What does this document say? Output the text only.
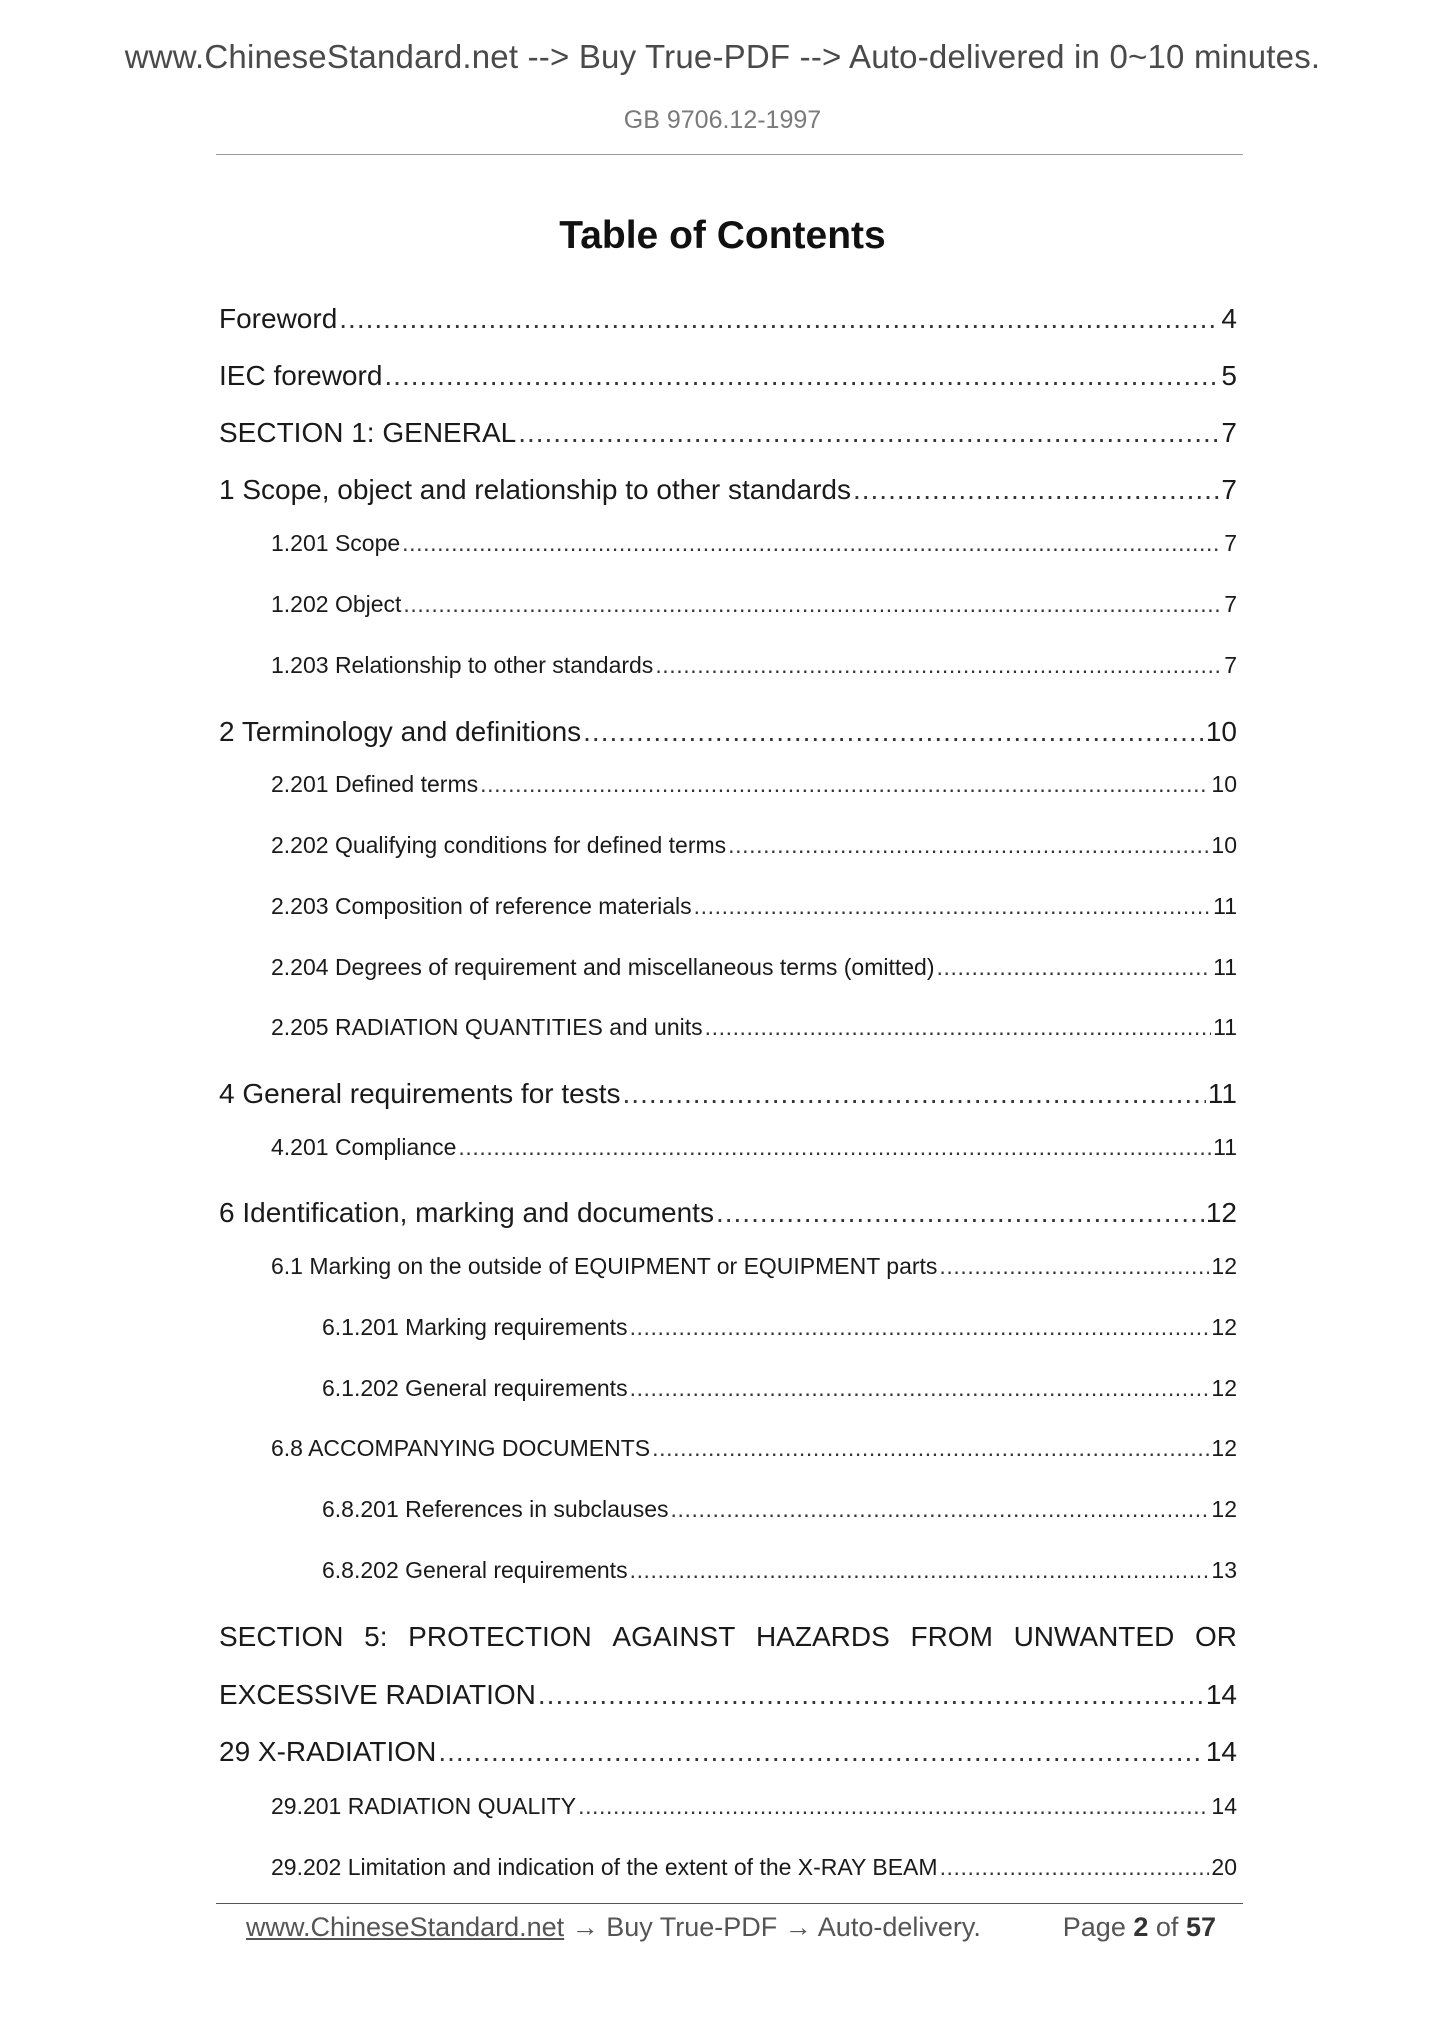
www.ChineseStandard.net --> Buy True-PDF --> Auto-delivered in 0~10 minutes.
GB 9706.12-1997
Table of Contents
Foreword .....	4
IEC foreword .....	5
SECTION 1: GENERAL .....	7
1 Scope, object and relationship to other standards .....	7
1.201 Scope .....	7
1.202 Object .....	7
1.203 Relationship to other standards .....	7
2 Terminology and definitions .....	10
2.201 Defined terms .....	10
2.202 Qualifying conditions for defined terms .....	10
2.203 Composition of reference materials .....	11
2.204 Degrees of requirement and miscellaneous terms (omitted) .....	11
2.205 RADIATION QUANTITIES and units .....	11
4 General requirements for tests .....	11
4.201 Compliance .....	11
6 Identification, marking and documents .....	12
6.1 Marking on the outside of EQUIPMENT or EQUIPMENT parts .....	12
6.1.201 Marking requirements .....	12
6.1.202 General requirements .....	12
6.8 ACCOMPANYING DOCUMENTS .....	12
6.8.201 References in subclauses .....	12
6.8.202 General requirements .....	13
SECTION 5: PROTECTION AGAINST HAZARDS FROM UNWANTED OR
EXCESSIVE RADIATION .....	14
29 X-RADIATION .....	14
29.201 RADIATION QUALITY .....	14
29.202 Limitation and indication of the extent of the X-RAY BEAM .....	20
www.ChineseStandard.net → Buy True-PDF → Auto-delivery.	Page 2 of 57
